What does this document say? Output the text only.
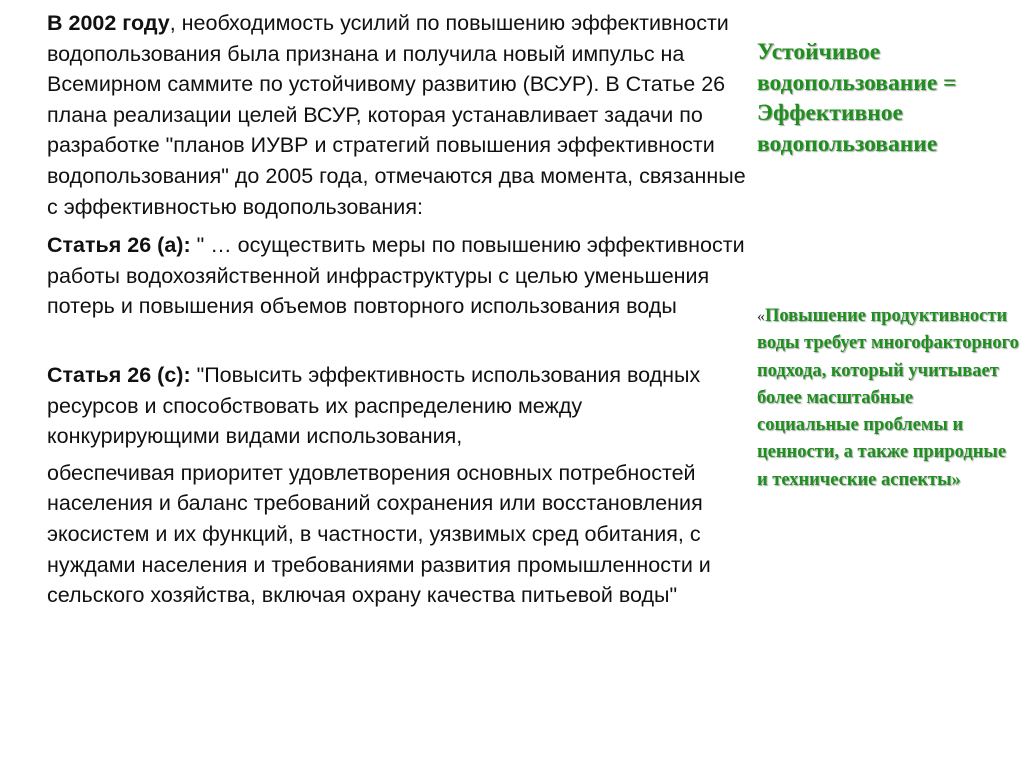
В 2002 году, необходимость усилий по повышению эффективности водопользования была признана и получила новый импульс на Всемирном саммите по устойчивому развитию (ВСУР). В Статье 26 плана реализации целей ВСУР, которая устанавливает задачи по разработке "планов ИУВР и стратегий повышения эффективности водопользования" до 2005 года, отмечаются два момента, связанные с эффективностью водопользования:

Статья 26 (а): " … осуществить меры по повышению эффективности работы водохозяйственной инфраструктуры с целью уменьшения потерь и повышения объемов повторного использования воды

Статья 26 (с): "Повысить эффективность использования водных ресурсов и способствовать их распределению между конкурирующими видами использования,

обеспечивая приоритет удовлетворения основных потребностей населения и баланс требований сохранения или восстановления экосистем и их функций, в частности, уязвимых сред обитания, с нуждами населения и требованиями развития промышленности и сельского хозяйства, включая охрану качества питьевой воды"

Устойчивое водопользование = Эффективное водопользование
«Повышение продуктивности воды требует многофакторного подхода, который учитывает более масштабные социальные проблемы и ценности, а также природные и технические аспекты»
